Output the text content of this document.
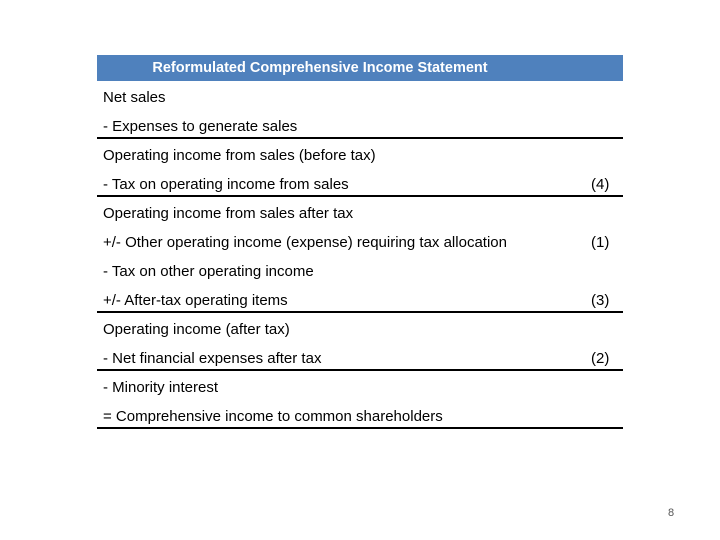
Reformulated Comprehensive Income Statement
Net sales
- Expenses to generate sales
Operating income from sales (before tax)
- Tax on operating income from sales	(4)
Operating income from sales after tax
+/- Other operating income (expense) requiring tax allocation	(1)
- Tax on other operating income
+/- After-tax operating items	(3)
Operating income (after tax)
- Net financial expenses after tax	(2)
- Minority interest
= Comprehensive income to common shareholders
8
